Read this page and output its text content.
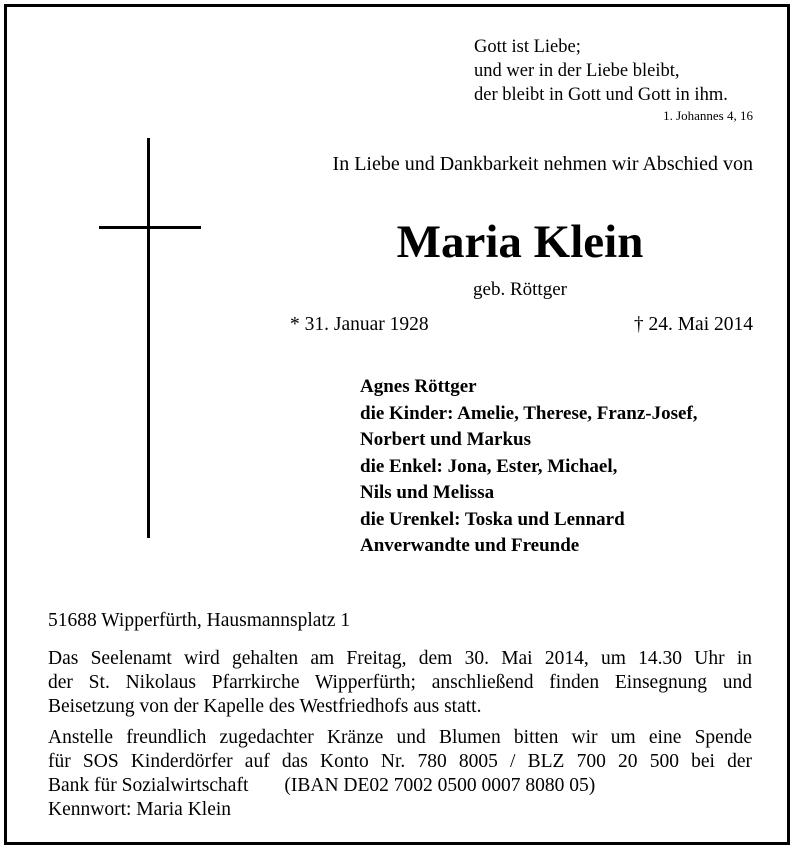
Gott ist Liebe;
und wer in der Liebe bleibt,
der bleibt in Gott und Gott in ihm.
1. Johannes 4, 16
In Liebe und Dankbarkeit nehmen wir Abschied von
Maria Klein
geb. Röttger
* 31. Januar 1928	† 24. Mai 2014
Agnes Röttger
die Kinder: Amelie, Therese, Franz-Josef,
Norbert und Markus
die Enkel: Jona, Ester, Michael,
Nils und Melissa
die Urenkel: Toska und Lennard
Anverwandte und Freunde
51688 Wipperfürth, Hausmannsplatz 1
Das Seelenamt wird gehalten am Freitag, dem 30. Mai 2014, um 14.30 Uhr in
der St. Nikolaus Pfarrkirche Wipperfürth; anschließend finden Einsegnung und
Beisetzung von der Kapelle des Westfriedhofs aus statt.
Anstelle freundlich zugedachter Kränze und Blumen bitten wir um eine Spende
für SOS Kinderdörfer auf das Konto Nr. 780 8005 / BLZ 700 20 500 bei der
Bank für Sozialwirtschaft (IBAN DE02 7002 0500 0007 8080 05)
Kennwort: Maria Klein
